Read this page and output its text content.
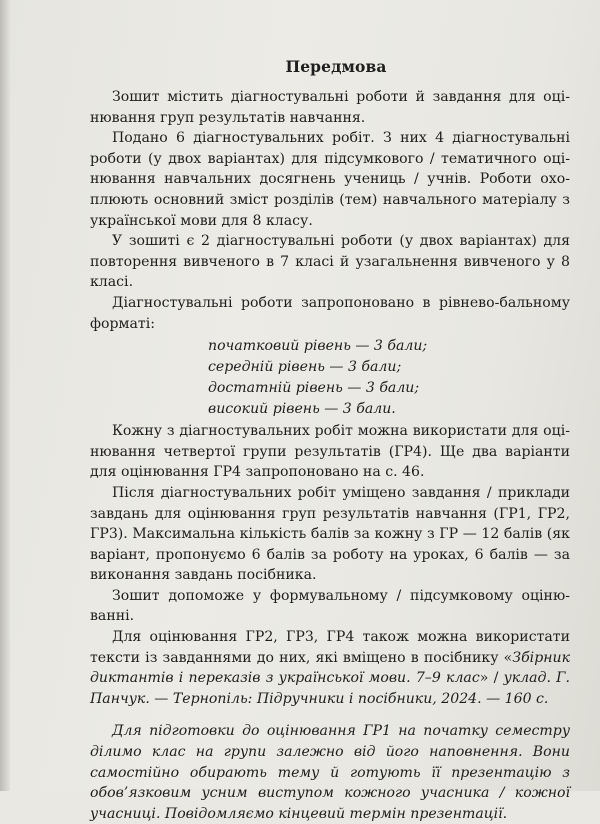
Передмова

Зошит містить діагностувальні роботи й завдання для оцінювання груп результатів навчання.

Подано 6 діагностувальних робіт. З них 4 діагностувальні роботи (у двох варіантах) для підсумкового / тематичного оцінювання навчальних досягнень учениць / учнів. Роботи охоплюють основний зміст розділів (тем) навчального матеріалу з української мови для 8 класу.

У зошиті є 2 діагностувальні роботи (у двох варіантах) для повторення вивченого в 7 класі й узагальнення вивченого у 8 класі.

Діагностувальні роботи запропоновано в рівнево-бальному форматі:

початковий рівень — 3 бали;
середній рівень — 3 бали;
достатній рівень — 3 бали;
високий рівень — 3 бали.

Кожну з діагностувальних робіт можна використати для оцінювання четвертої групи результатів (ГР4). Ще два варіанти для оцінювання ГР4 запропоновано на с. 46.

Після діагностувальних робіт уміщено завдання / приклади завдань для оцінювання груп результатів навчання (ГР1, ГР2, ГР3). Максимальна кількість балів за кожну з ГР — 12 балів (як варіант, пропонуємо 6 балів за роботу на уроках, 6 балів — за виконання завдань посібника.

Зошит допоможе у формувальному / підсумковому оцінюванні.

Для оцінювання ГР2, ГР3, ГР4 також можна використати тексти із завданнями до них, які вміщено в посібнику «Збірник диктантів і переказів з української мови. 7–9 клас» / уклад. Г. Панчук. — Тернопіль: Підручники і посібники, 2024. — 160 с.

Для підготовки до оцінювання ГР1 на початку семестру ділимо клас на групи залежно від його наповнення. Вони самостійно обирають тему й готують її презентацію з обов’язковим усним виступом кожного учасника / кожної учасниці. Повідомляємо кінцевий термін презентації.
